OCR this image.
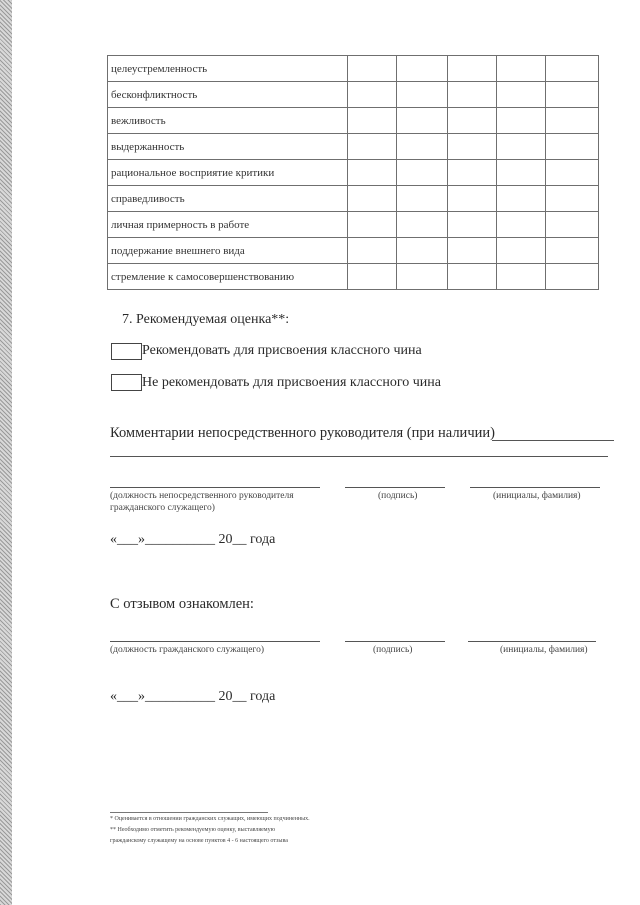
целеустремленность					
бесконфликтность					
вежливость					
выдержанность					
рациональное восприятие критики					
справедливость					
личная примерность в работе					
поддержание внешнего вида					
стремление к самосовершенствованию					
7. Рекомендуемая оценка**:
Рекомендовать для присвоения классного чина
Не рекомендовать для присвоения классного чина
Комментарии непосредственного руководителя (при наличии)
(должность непосредственного руководителя
гражданского служащего)
(подпись)	(инициалы, фамилия)
«___»__________ 20__ года
С отзывом ознакомлен:
(должность гражданского служащего)	(подпись)	(инициалы, фамилия)
«___»__________ 20__ года
* Оценивается в отношении гражданских служащих, имеющих подчиненных.
** Необходимо отметить рекомендуемую оценку, выставляемую
гражданскому служащему на основе пунктов 4 - 6 настоящего отзыва
